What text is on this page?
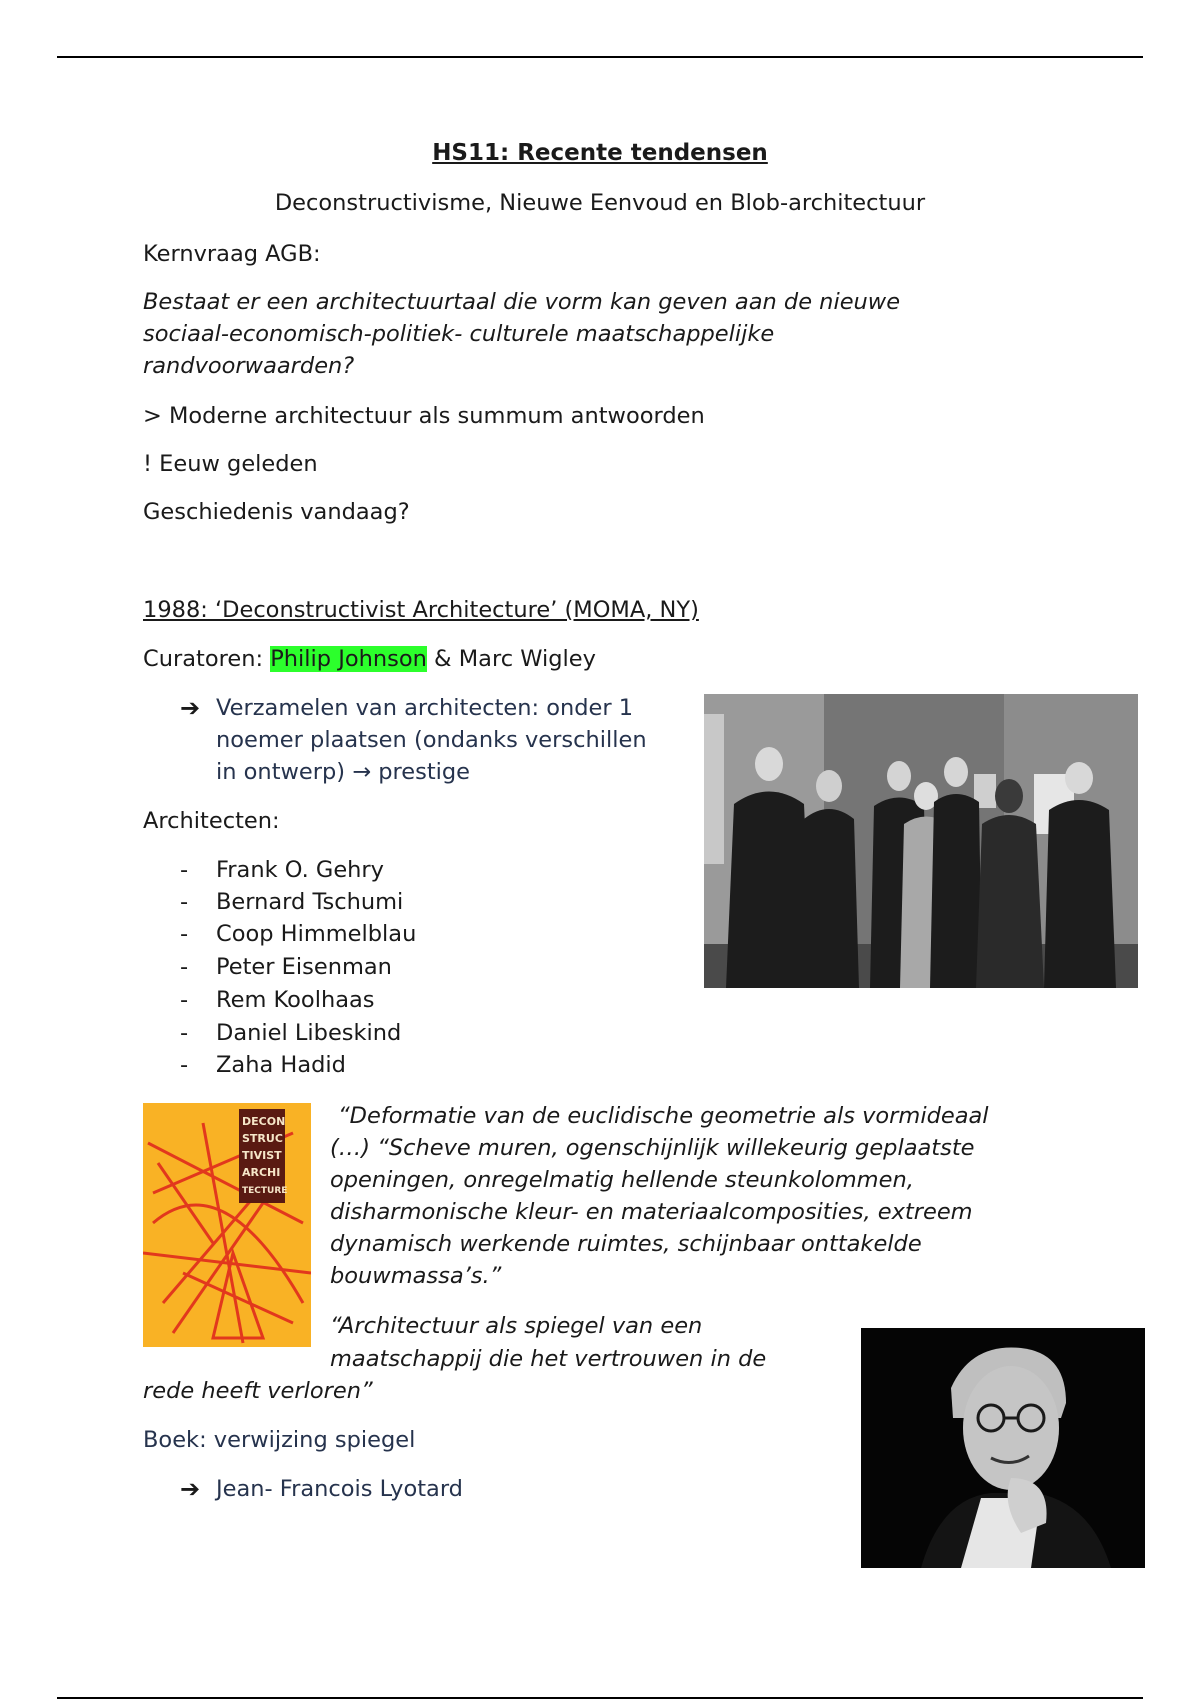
HS11: Recente tendensen
Deconstructivisme, Nieuwe Eenvoud en Blob-architectuur
Kernvraag AGB:
Bestaat er een architectuurtaal die vorm kan geven aan de nieuwe
sociaal-economisch-politiek- culturele maatschappelijke
randvoorwaarden?
> Moderne architectuur als summum antwoorden
! Eeuw geleden
Geschiedenis vandaag?
1988: ‘Deconstructivist Architecture’ (MOMA, NY)
Curatoren: Philip Johnson & Marc Wigley
➔ Verzamelen van architecten: onder 1
noemer plaatsen (ondanks verschillen
in ontwerp) → prestige
Architecten:
- Frank O. Gehry
- Bernard Tschumi
- Coop Himmelblau
- Peter Eisenman
- Rem Koolhaas
- Daniel Libeskind
- Zaha Hadid
DECON
STRUC
TIVIST
ARCHI
TECTURE
“Deformatie van de euclidische geometrie als vormideaal
(…) “Scheve muren, ogenschijnlijk willekeurig geplaatste
openingen, onregelmatig hellende steunkolommen,
disharmonische kleur- en materiaalcomposities, extreem
dynamisch werkende ruimtes, schijnbaar onttakelde
bouwmassa’s.”
“Architectuur als spiegel van een
maatschappij die het vertrouwen in de
rede heeft verloren”
Boek: verwijzing spiegel
➔ Jean- Francois Lyotard
